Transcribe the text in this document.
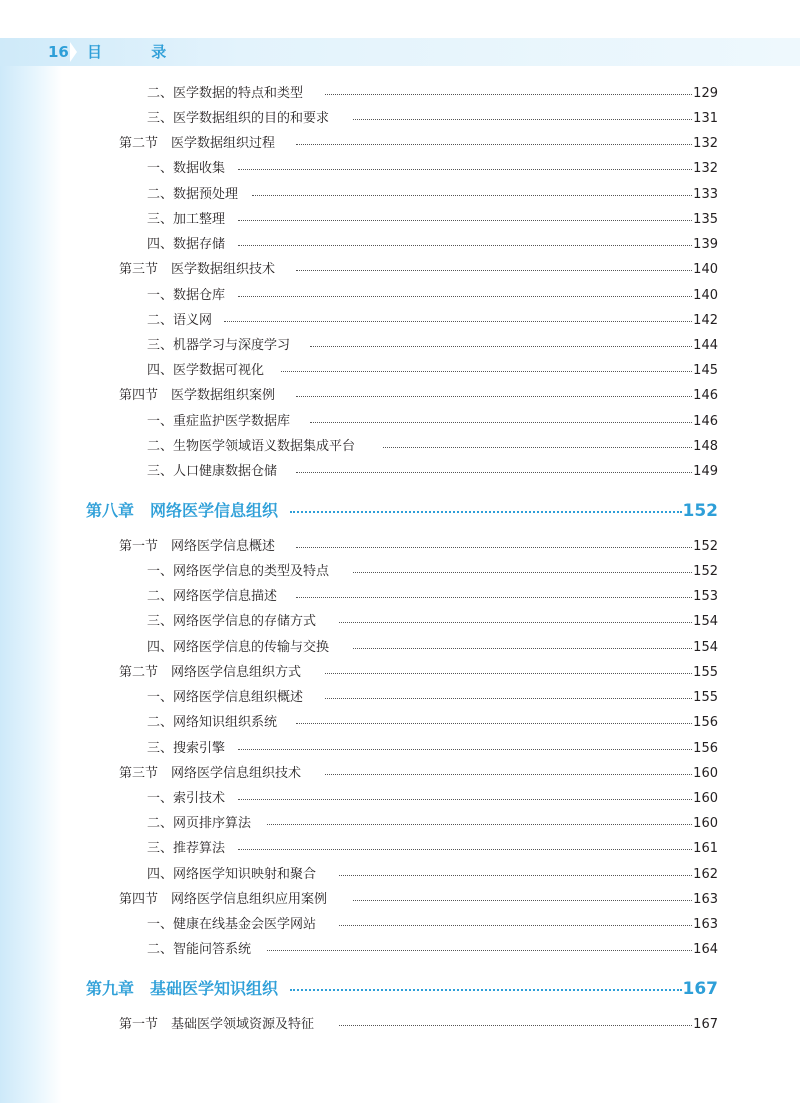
16 目 录
二、医学数据的特点和类型	129
三、医学数据组织的目的和要求	131
第二节　医学数据组织过程	132
一、数据收集	132
二、数据预处理	133
三、加工整理	135
四、数据存储	139
第三节　医学数据组织技术	140
一、数据仓库	140
二、语义网	142
三、机器学习与深度学习	144
四、医学数据可视化	145
第四节　医学数据组织案例	146
一、重症监护医学数据库	146
二、生物医学领域语义数据集成平台	148
三、人口健康数据仓储	149
第八章　网络医学信息组织	152
第一节　网络医学信息概述	152
一、网络医学信息的类型及特点	152
二、网络医学信息描述	153
三、网络医学信息的存储方式	154
四、网络医学信息的传输与交换	154
第二节　网络医学信息组织方式	155
一、网络医学信息组织概述	155
二、网络知识组织系统	156
三、搜索引擎	156
第三节　网络医学信息组织技术	160
一、索引技术	160
二、网页排序算法	160
三、推荐算法	161
四、网络医学知识映射和聚合	162
第四节　网络医学信息组织应用案例	163
一、健康在线基金会医学网站	163
二、智能问答系统	164
第九章　基础医学知识组织	167
第一节　基础医学领域资源及特征	167
